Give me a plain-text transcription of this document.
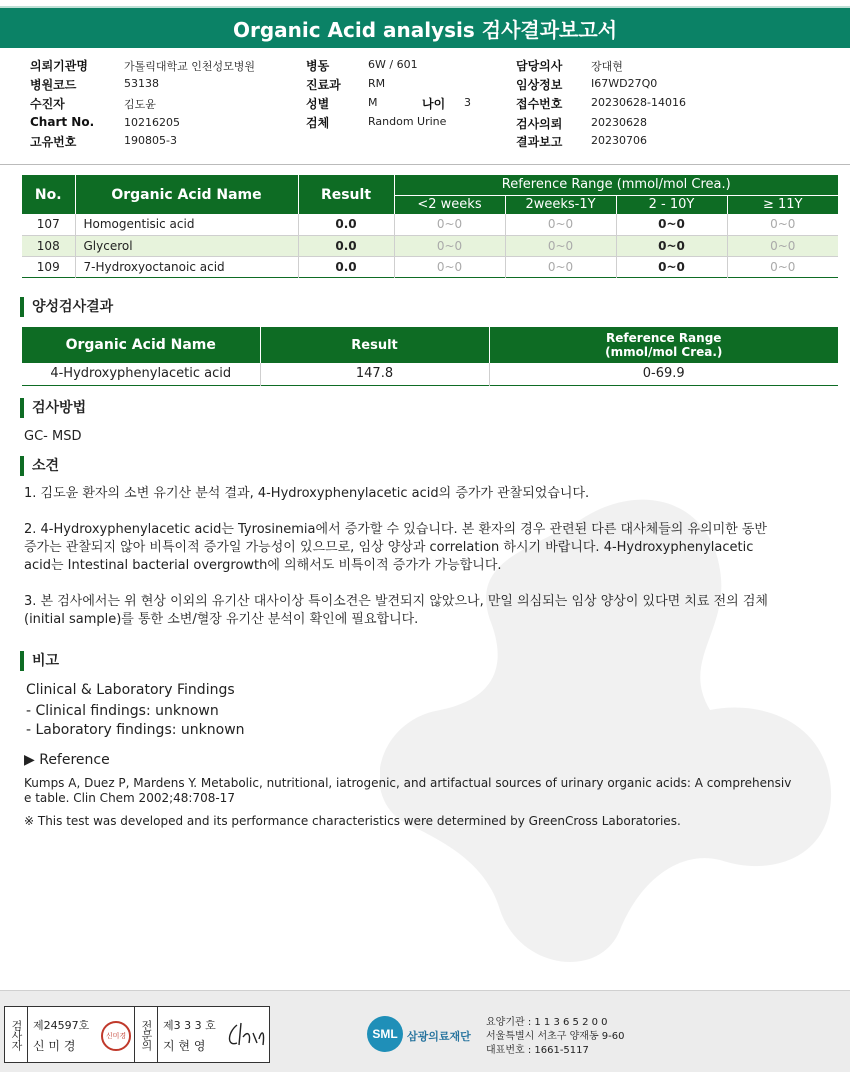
Organic Acid analysis 검사결과보고서
의뢰기관명	가톨릭대학교 인천성모병원
병원코드	53138
수진자	김도윤
Chart No.	10216205
고유번호	190805-3
병동	6W / 601
진료과 RM
성별	M	나이 3
검체	Random Urine
담당의사	장대현
임상정보	I67WD27Q0
접수번호	20230628-14016
검사의뢰	20230628
결과보고	20230706
No.	Organic Acid Name	Result	Reference Range (mmol/mol Crea.)			
			<2 weeks	2weeks-1Y	2 - 10Y	≥ 11Y
107	Homogentisic acid	0.0	0~0	0~0	0~0	0~0
108	Glycerol	0.0	0~0	0~0	0~0	0~0
109	7-Hydroxyoctanoic acid	0.0	0~0	0~0	0~0	0~0
양성검사결과
Organic Acid Name	Result	Reference Range
(mmol/mol Crea.)

4-Hydroxyphenylacetic acid	147.8	0-69.9
검사방법
GC- MSD
소견
1. 김도윤 환자의 소변 유기산 분석 결과, 4-Hydroxyphenylacetic acid의 증가가 관찰되었습니다.
2. 4-Hydroxyphenylacetic acid는 Tyrosinemia에서 증가할 수 있습니다. 본 환자의 경우 관련된 다른 대사체들의 유의미한 동반
증가는 관찰되지 않아 비특이적 증가일 가능성이 있으므로, 임상 양상과 correlation 하시기 바랍니다. 4-Hydroxyphenylacetic
acid는 Intestinal bacterial overgrowth에 의해서도 비특이적 증가가 가능합니다.
3. 본 검사에서는 위 현상 이외의 유기산 대사이상 특이소견은 발견되지 않았으나, 만일 의심되는 임상 양상이 있다면 치료 전의 검체
(initial sample)를 통한 소변/혈장 유기산 분석이 확인에 필요합니다.
비고
Clinical & Laboratory Findings
- Clinical findings: unknown
- Laboratory findings: unknown
▶ Reference
Kumps A, Duez P, Mardens Y. Metabolic, nutritional, iatrogenic, and artifactual sources of urinary organic acids: A comprehensiv
e table. Clin Chem 2002;48:708-17
※ This test was developed and its performance characteristics were determined by GreenCross Laboratories.
검사자 제24597호
신 미 경
신미경	전문의 제3 3 3 호
지 현 영
SML 삼광의료재단
요양기관 : 1 1 3 6 5 2 0 0
서울특별시 서초구 양재동 9-60
대표번호 : 1661-5117
